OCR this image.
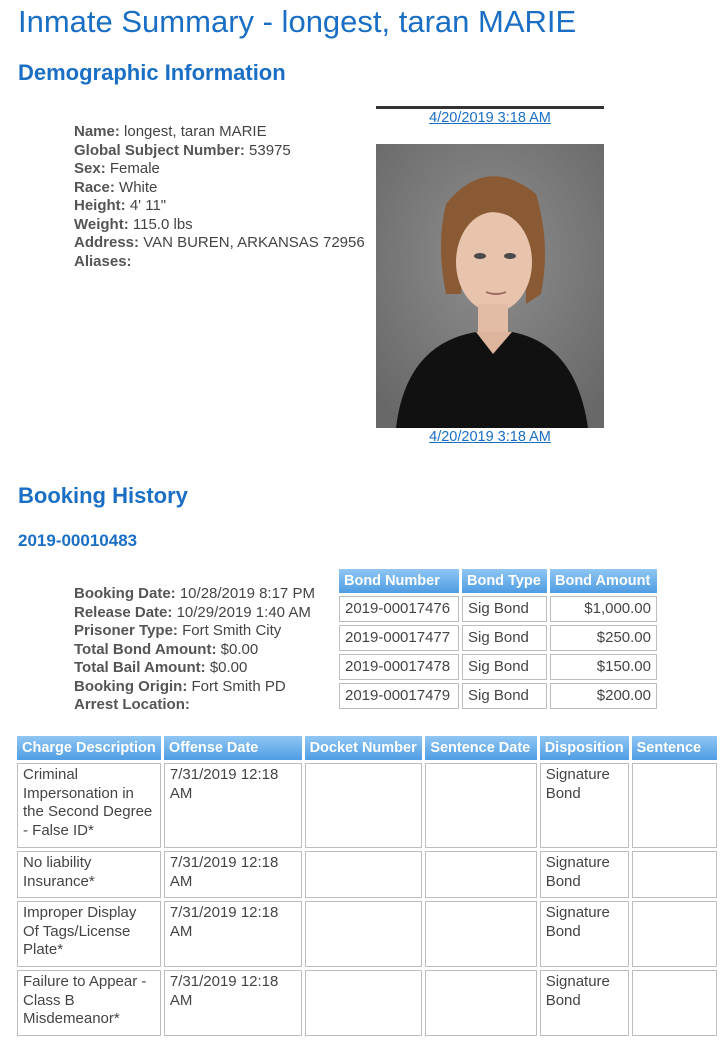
Inmate Summary - longest, taran MARIE
Demographic Information
Name: longest, taran MARIE
Global Subject Number: 53975
Sex: Female
Race: White
Height: 4' 11"
Weight: 115.0 lbs
Address: VAN BUREN, ARKANSAS 72956
Aliases:
4/20/2019 3:18 AM
4/20/2019 3:18 AM
Booking History
2019-00010483
Booking Date: 10/28/2019 8:17 PM
Release Date: 10/29/2019 1:40 AM
Prisoner Type: Fort Smith City
Total Bond Amount: $0.00
Total Bail Amount: $0.00
Booking Origin: Fort Smith PD
Arrest Location:
Bond Number	Bond Type	Bond Amount
2019-00017476	Sig Bond	$1,000.00
2019-00017477	Sig Bond	$250.00
2019-00017478	Sig Bond	$150.00
2019-00017479	Sig Bond	$200.00
Charge Description	Offense Date	Docket Number	Sentence Date	Disposition	Sentence
Criminal Impersonation in the Second Degree - False ID*	7/31/2019 12:18 AM			Signature Bond	
No liability Insurance*	7/31/2019 12:18 AM			Signature Bond	
Improper Display Of Tags/License Plate*	7/31/2019 12:18 AM			Signature Bond	
Failure to Appear - Class B Misdemeanor*	7/31/2019 12:18 AM			Signature Bond	
